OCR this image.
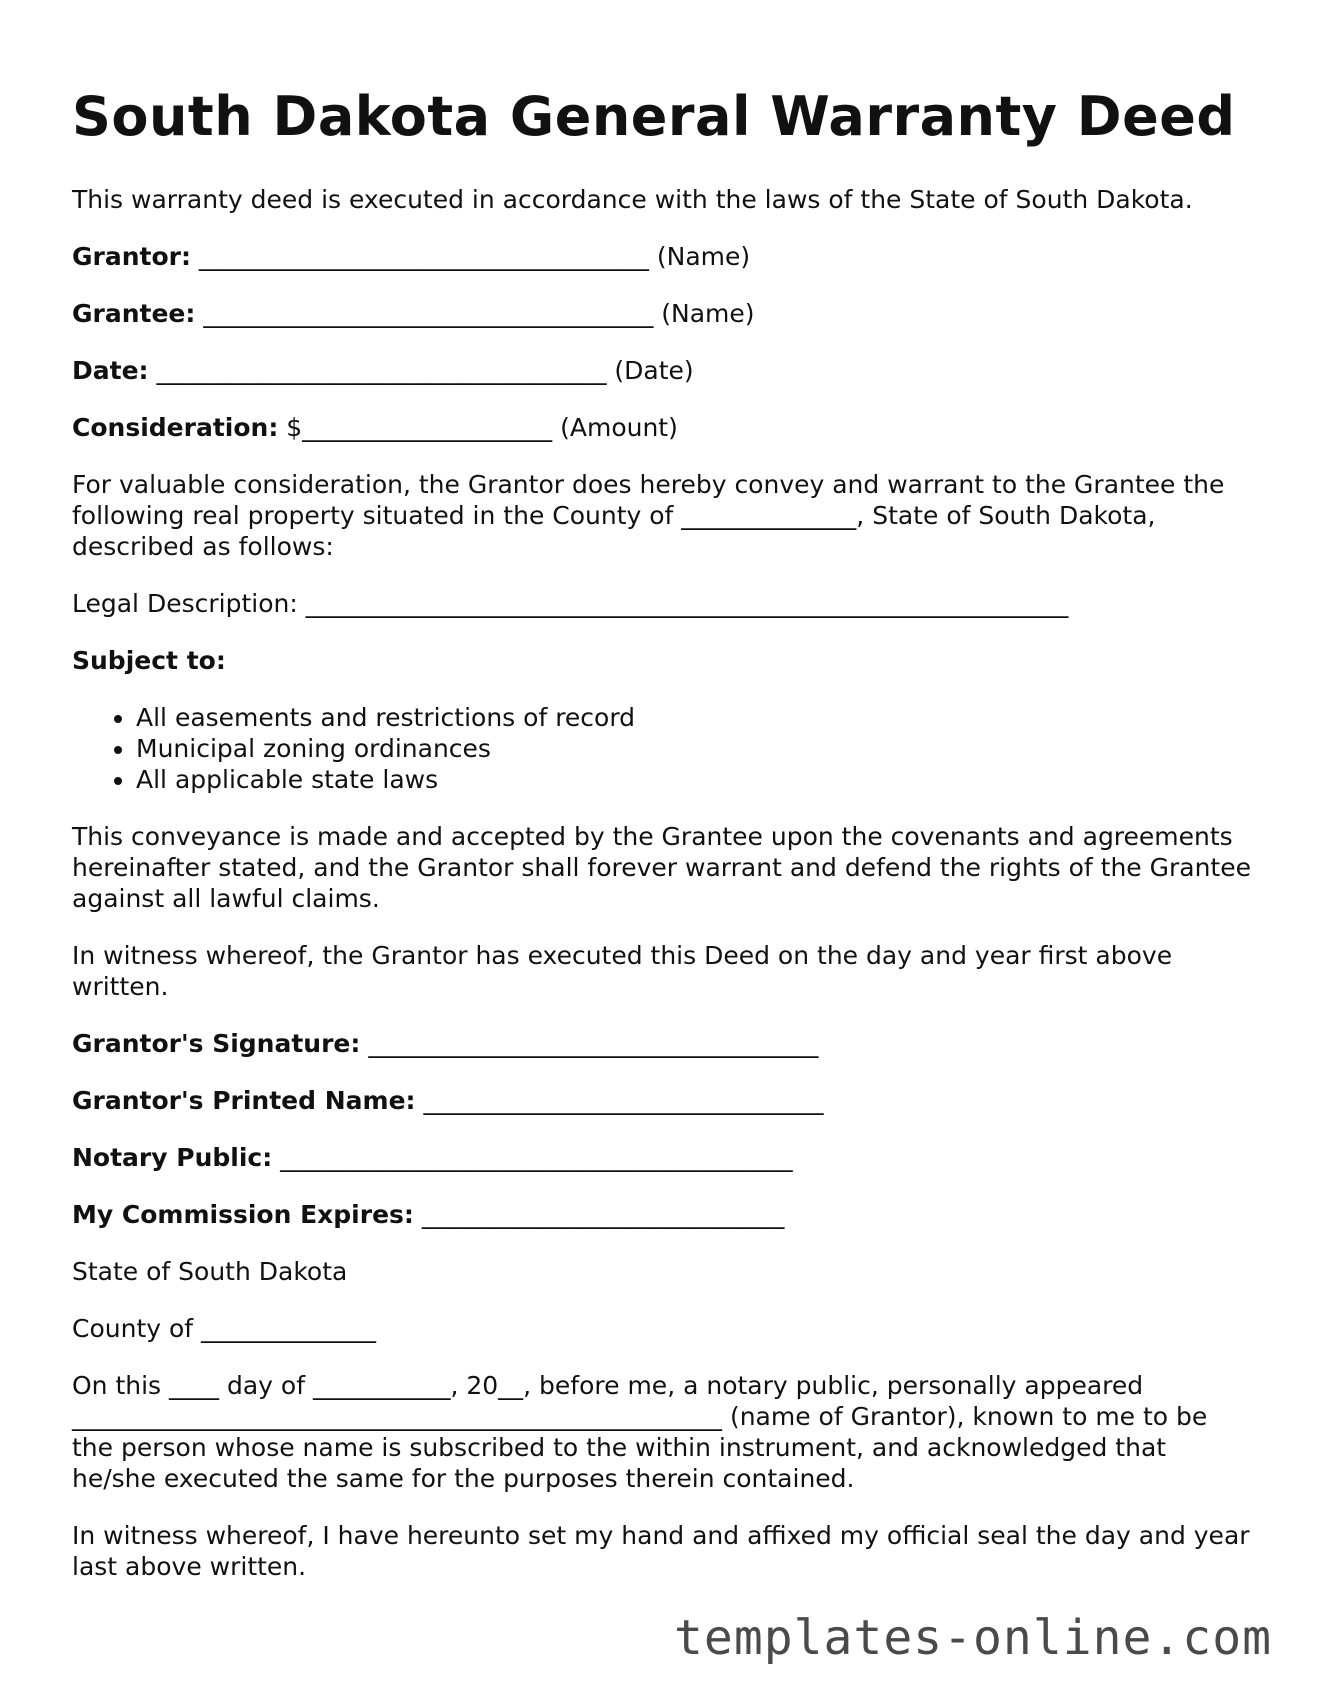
South Dakota General Warranty Deed

This warranty deed is executed in accordance with the laws of the State of South Dakota.

Grantor: ____________________________________ (Name)

Grantee: ____________________________________ (Name)

Date: ____________________________________ (Date)

Consideration: $____________________ (Amount)

For valuable consideration, the Grantor does hereby convey and warrant to the Grantee the following real property situated in the County of ______________, State of South Dakota, described as follows:

Legal Description: _____________________________________________________________

Subject to:

• All easements and restrictions of record
• Municipal zoning ordinances
• All applicable state laws

This conveyance is made and accepted by the Grantee upon the covenants and agreements hereinafter stated, and the Grantor shall forever warrant and defend the rights of the Grantee against all lawful claims.

In witness whereof, the Grantor has executed this Deed on the day and year first above written.

Grantor's Signature: ____________________________________

Grantor's Printed Name: ________________________________

Notary Public: _________________________________________

My Commission Expires: _____________________________

State of South Dakota

County of ______________

On this ____ day of ___________, 20__, before me, a notary public, personally appeared ____________________________________________________ (name of Grantor), known to me to be the person whose name is subscribed to the within instrument, and acknowledged that he/she executed the same for the purposes therein contained.

In witness whereof, I have hereunto set my hand and affixed my official seal the day and year last above written.

templates-online.com
